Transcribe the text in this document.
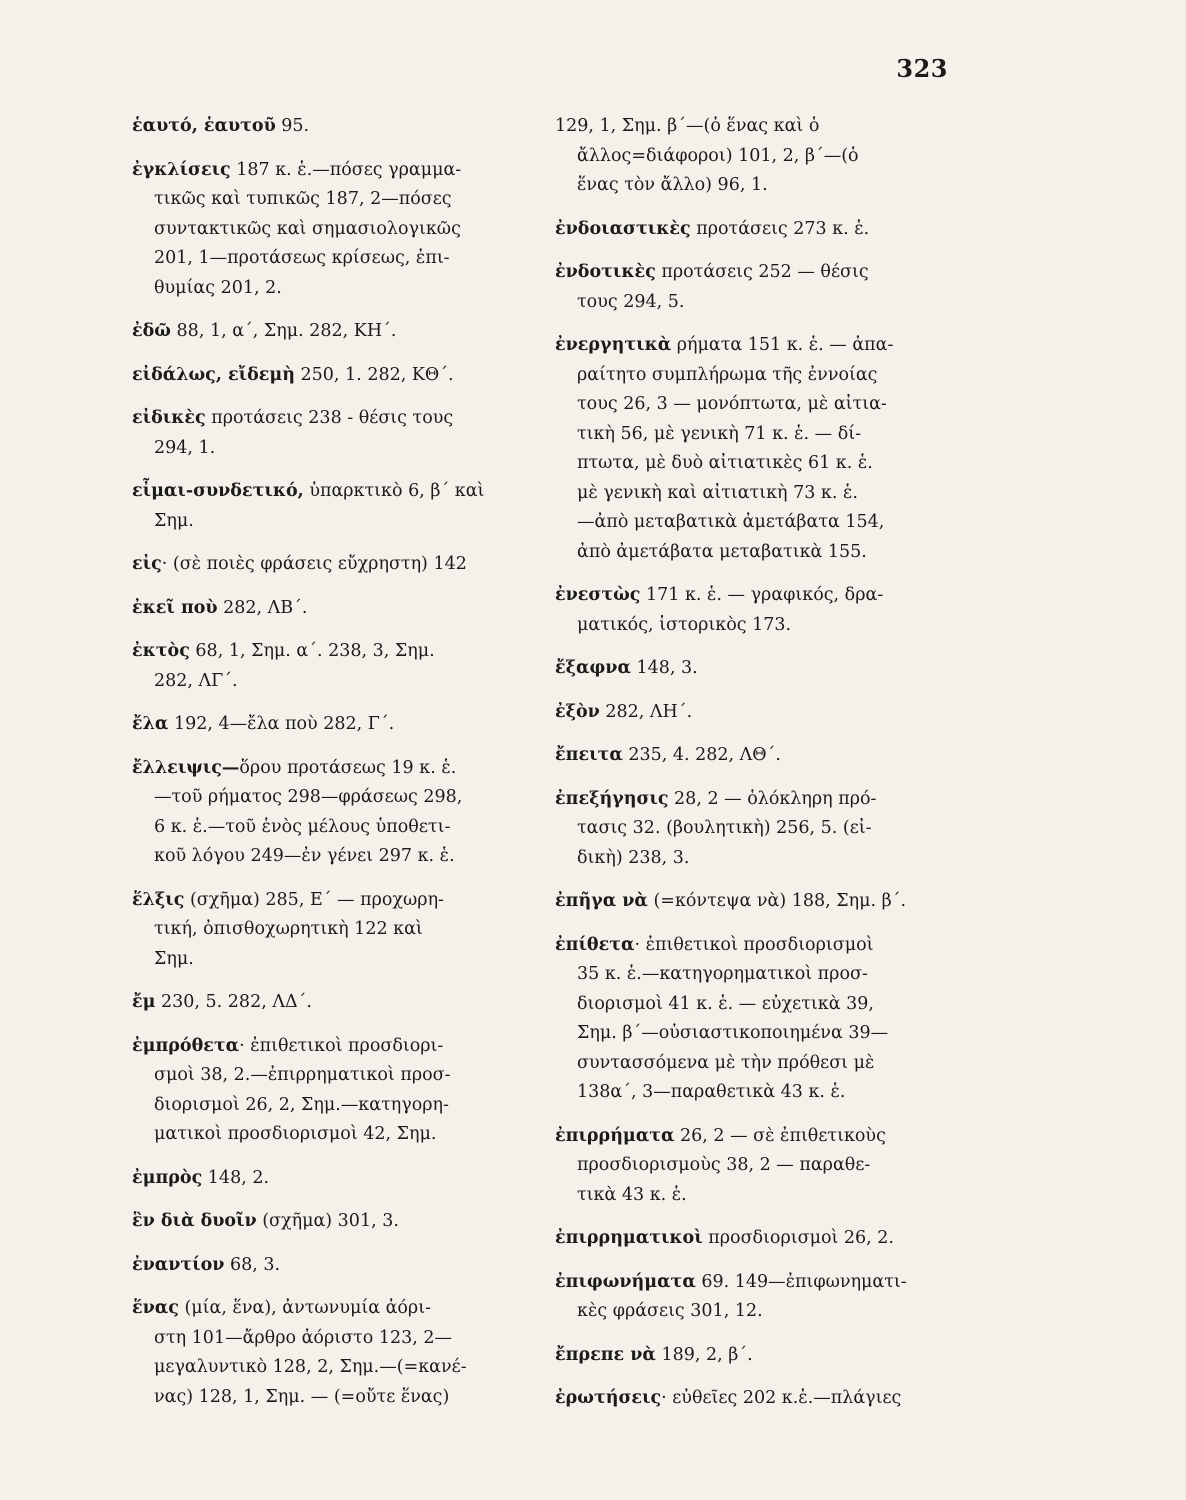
323
ἑαυτό, ἑαυτοῦ 95.
ἐγκλίσεις 187 κ. ἑ.—πόσες γραμμα-
τικῶς καὶ τυπικῶς 187, 2—πόσες
συντακτικῶς καὶ σημασιολογικῶς
201, 1—προτάσεως κρίσεως, ἐπι-
θυμίας 201, 2.
ἐδῶ 88, 1, α΄, Σημ. 282, ΚΗ΄.
εἰδάλως, εἴδεμὴ 250, 1. 282, ΚΘ΄.
εἰδικὲς προτάσεις 238 - θέσις τους
294, 1.
εἶμαι-συνδετικό, ὑπαρκτικὸ 6, β΄ καὶ
Σημ.
εἰς· (σὲ ποιὲς φράσεις εὔχρηστη) 142
ἐκεῖ ποὺ 282, ΛΒ΄.
ἐκτὸς 68, 1, Σημ. α΄. 238, 3, Σημ.
282, ΛΓ΄.
ἔλα 192, 4—ἔλα ποὺ 282, Γ΄.
ἔλλειψις—ὅρου προτάσεως 19 κ. ἑ.
—τοῦ ρήματος 298—φράσεως 298,
6 κ. ἑ.—τοῦ ἑνὸς μέλους ὑποθετι-
κοῦ λόγου 249—ἐν γένει 297 κ. ἑ.
ἕλξις (σχῆμα) 285, Ε΄ — προχωρη-
τική, ὀπισθοχωρητικὴ 122 καὶ
Σημ.
ἔμ 230, 5. 282, ΛΔ΄.
ἐμπρόθετα· ἐπιθετικοὶ προσδιορι-
σμοὶ 38, 2.—ἐπιρρηματικοὶ προσ-
διορισμοὶ 26, 2, Σημ.—κατηγορη-
ματικοὶ προσδιορισμοὶ 42, Σημ.
ἐμπρὸς 148, 2.
ἓν διὰ δυοῖν (σχῆμα) 301, 3.
ἐναντίον 68, 3.
ἕνας (μία, ἕνα), ἀντωνυμία ἀόρι-
στη 101—ἄρθρο ἀόριστο 123, 2—
μεγαλυντικὸ 128, 2, Σημ.—(=κανέ-
νας) 128, 1, Σημ. — (=οὔτε ἕνας)
129, 1, Σημ. β΄—(ὁ ἕνας καὶ ὁ
ἄλλος=διάφοροι) 101, 2, β΄—(ὁ
ἕνας τὸν ἄλλο) 96, 1.
ἐνδοιαστικὲς προτάσεις 273 κ. ἑ.
ἐνδοτικὲς προτάσεις 252 — θέσις
τους 294, 5.
ἐνεργητικὰ ρήματα 151 κ. ἑ. — ἀπα-
ραίτητο συμπλήρωμα τῆς ἐννοίας
τους 26, 3 — μονόπτωτα, μὲ αἰτια-
τικὴ 56, μὲ γενικὴ 71 κ. ἑ. — δί-
πτωτα, μὲ δυὸ αἰτιατικὲς 61 κ. ἑ.
μὲ γενικὴ καὶ αἰτιατικὴ 73 κ. ἑ.
—ἀπὸ μεταβατικὰ ἀμετάβατα 154,
ἀπὸ ἀμετάβατα μεταβατικὰ 155.
ἐνεστὼς 171 κ. ἑ. — γραφικός, δρα-
ματικός, ἱστορικὸς 173.
ἔξαφνα 148, 3.
ἐξὸν 282, ΛΗ΄.
ἔπειτα 235, 4. 282, ΛΘ΄.
ἐπεξήγησις 28, 2 — ὁλόκληρη πρό-
τασις 32. (βουλητικὴ) 256, 5. (εἰ-
δικὴ) 238, 3.
ἐπῆγα νὰ (=κόντεψα νὰ) 188, Σημ. β΄.
ἐπίθετα· ἐπιθετικοὶ προσδιορισμοὶ
35 κ. ἑ.—κατηγορηματικοὶ προσ-
διορισμοὶ 41 κ. ἑ. — εὐχετικὰ 39,
Σημ. β΄—οὐσιαστικοποιημένα 39—
συντασσόμενα μὲ τὴν πρόθεσι μὲ
138α΄, 3—παραθετικὰ 43 κ. ἑ.
ἐπιρρήματα 26, 2 — σὲ ἐπιθετικοὺς
προσδιορισμοὺς 38, 2 — παραθε-
τικὰ 43 κ. ἑ.
ἐπιρρηματικοὶ προσδιορισμοὶ 26, 2.
ἐπιφωνήματα 69. 149—ἐπιφωνηματι-
κὲς φράσεις 301, 12.
ἔπρεπε νὰ 189, 2, β΄.
ἐρωτήσεις· εὐθεῖες 202 κ.ἑ.—πλάγιες
